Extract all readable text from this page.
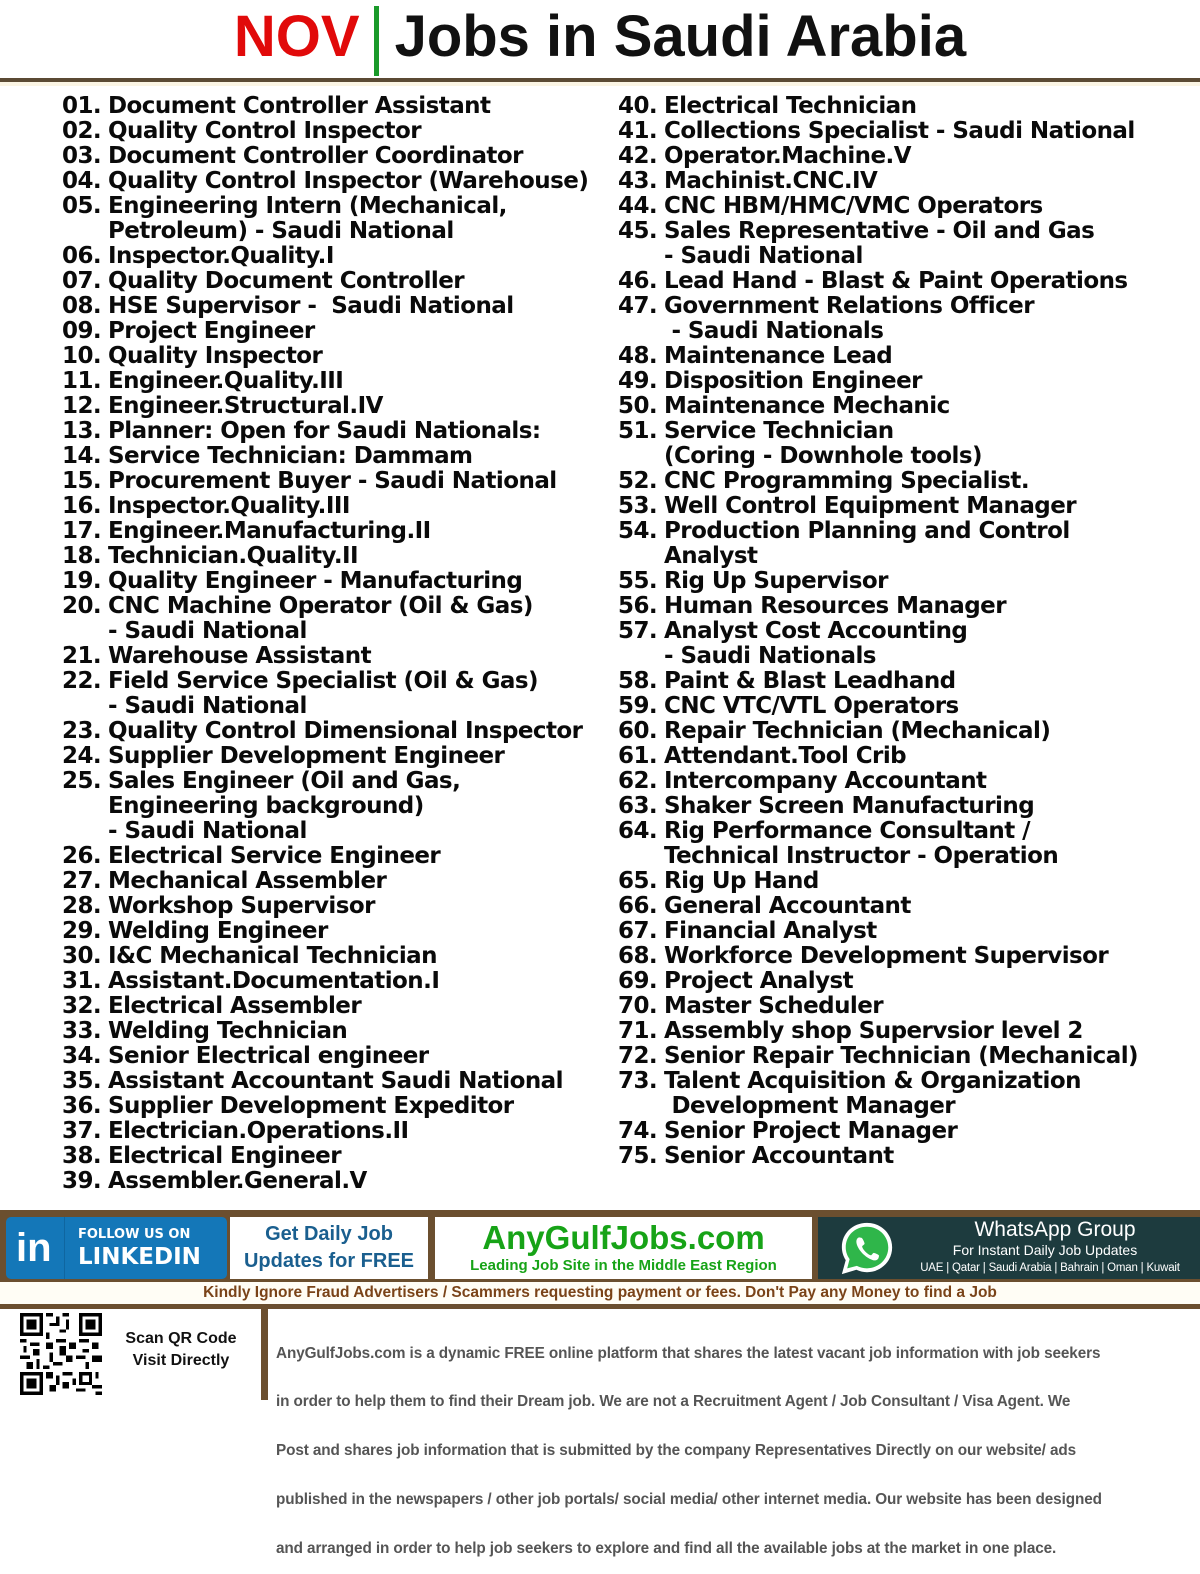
NOV Jobs in Saudi Arabia
01. Document Controller Assistant
02. Quality Control Inspector
03. Document Controller Coordinator
04. Quality Control Inspector (Warehouse)
05. Engineering Intern (Mechanical,
Petroleum) - Saudi National
06. Inspector.Quality.I
07. Quality Document Controller
08. HSE Supervisor -  Saudi National
09. Project Engineer
10. Quality Inspector
11. Engineer.Quality.III
12. Engineer.Structural.IV
13. Planner: Open for Saudi Nationals:
14. Service Technician: Dammam
15. Procurement Buyer - Saudi National
16. Inspector.Quality.III
17. Engineer.Manufacturing.II
18. Technician.Quality.II
19. Quality Engineer - Manufacturing
20. CNC Machine Operator (Oil & Gas)
- Saudi National
21. Warehouse Assistant
22. Field Service Specialist (Oil & Gas)
- Saudi National
23. Quality Control Dimensional Inspector
24. Supplier Development Engineer
25. Sales Engineer (Oil and Gas,
Engineering background)
- Saudi National
26. Electrical Service Engineer
27. Mechanical Assembler
28. Workshop Supervisor
29. Welding Engineer
30. I&C Mechanical Technician
31. Assistant.Documentation.I
32. Electrical Assembler
33. Welding Technician
34. Senior Electrical engineer
35. Assistant Accountant Saudi National
36. Supplier Development Expeditor
37. Electrician.Operations.II
38. Electrical Engineer
39. Assembler.General.V
40. Electrical Technician
41. Collections Specialist - Saudi National
42. Operator.Machine.V
43. Machinist.CNC.IV
44. CNC HBM/HMC/VMC Operators
45. Sales Representative - Oil and Gas
- Saudi National
46. Lead Hand - Blast & Paint Operations
47. Government Relations Officer
- Saudi Nationals
48. Maintenance Lead
49. Disposition Engineer
50. Maintenance Mechanic
51. Service Technician
(Coring - Downhole tools)
52. CNC Programming Specialist.
53. Well Control Equipment Manager
54. Production Planning and Control
Analyst
55. Rig Up Supervisor
56. Human Resources Manager
57. Analyst Cost Accounting
- Saudi Nationals
58. Paint & Blast Leadhand
59. CNC VTC/VTL Operators
60. Repair Technician (Mechanical)
61. Attendant.Tool Crib
62. Intercompany Accountant
63. Shaker Screen Manufacturing
64. Rig Performance Consultant /
Technical Instructor - Operation
65. Rig Up Hand
66. General Accountant
67. Financial Analyst
68. Workforce Development Supervisor
69. Project Analyst
70. Master Scheduler
71. Assembly shop Supervsior level 2
72. Senior Repair Technician (Mechanical)
73. Talent Acquisition & Organization
Development Manager
74. Senior Project Manager
75. Senior Accountant
in FOLLOW US ON
LINKEDIN
Get Daily Job
Updates for FREE
AnyGulfJobs.com
Leading Job Site in the Middle East Region
WhatsApp Group
For Instant Daily Job Updates
UAE | Qatar | Saudi Arabia | Bahrain | Oman | Kuwait
Kindly Ignore Fraud Advertisers / Scammers requesting payment or fees. Don't Pay any Money to find a Job
Scan QR Code
Visit Directly

	AnyGulfJobs.com is a dynamic FREE online platform that shares the latest vacant job information with job seekers

in order to help them to find their Dream job. We are not a Recruitment Agent / Job Consultant / Visa Agent. We

Post and shares job information that is submitted by the company Representatives Directly on our website/ ads

published in the newspapers / other job portals/ social media/ other internet media. Our website has been designed

and arranged in order to help job seekers to explore and find all the available jobs at the market in one place.
